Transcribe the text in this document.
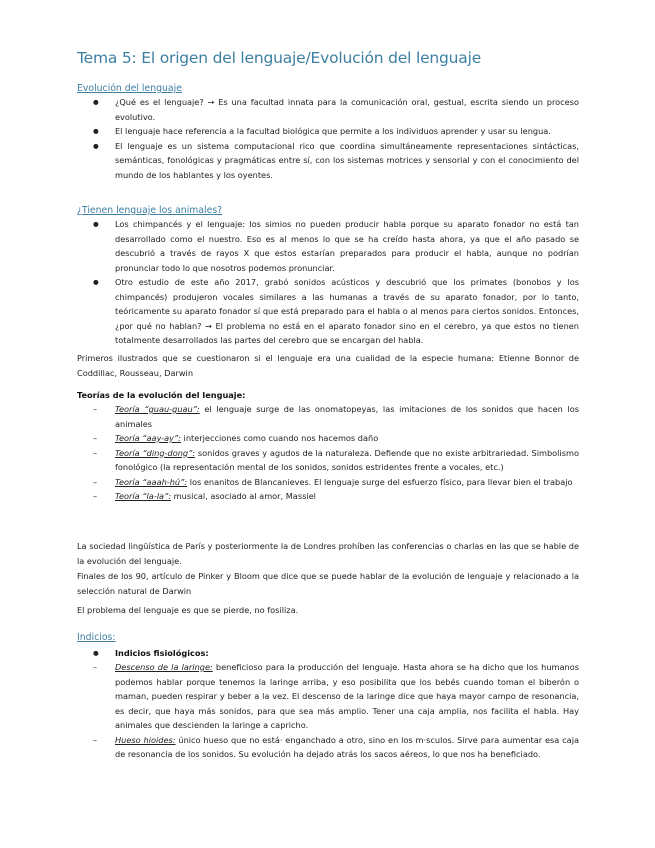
Tema 5: El origen del lenguaje/Evolución del lenguaje

Evolución del lenguaje

● ¿Qué es el lenguaje? → Es una facultad innata para la comunicación oral, gestual, escrita siendo un proceso evolutivo.
● El lenguaje hace referencia a la facultad biológica que permite a los individuos aprender y usar su lengua.
● El lenguaje es un sistema computacional rico que coordina simultáneamente representaciones sintácticas, semánticas, fonológicas y pragmáticas entre sí, con los sistemas motrices y sensorial y con el conocimiento del mundo de los hablantes y los oyentes.

¿Tienen lenguaje los animales?

● Los chimpancés y el lenguaje: los simios no pueden producir habla porque su aparato fonador no está tan desarrollado como el nuestro. Eso es al menos lo que se ha creído hasta ahora, ya que el año pasado se descubrió a través de rayos X que estos estarían preparados para producir el habla, aunque no podrían pronunciar todo lo que nosotros podemos pronunciar.
● Otro estudio de este año 2017, grabó sonidos acústicos y descubrió que los primates (bonobos y los chimpancés) produjeron vocales similares a las humanas a través de su aparato fonador, por lo tanto, teóricamente su aparato fonador sí que está preparado para el habla o al menos para ciertos sonidos. Entonces, ¿por qué no hablan? → El problema no está en el aparato fonador sino en el cerebro, ya que estos no tienen totalmente desarrollados las partes del cerebro que se encargan del habla.

Primeros ilustrados que se cuestionaron si el lenguaje era una cualidad de la especie humana: Etienne Bonnor de Coddillac, Rousseau, Darwin

Teorías de la evolución del lenguaje:

– Teoría “guau-guau”: el lenguaje surge de las onomatopeyas, las imitaciones de los sonidos que hacen los animales
– Teoría “aay-ay”: interjecciones como cuando nos hacemos daño
– Teoría “ding-dong”: sonidos graves y agudos de la naturaleza. Defiende que no existe arbitrariedad. Simbolismo fonológico (la representación mental de los sonidos, sonidos estridentes frente a vocales, etc.)
– Teoría “aaah-hú”: los enanitos de Blancanieves. El lenguaje surge del esfuerzo físico, para llevar bien el trabajo
– Teoría “la-la”: musical, asociado al amor, Massiel

La sociedad lingüística de París y posteriormente la de Londres prohíben las conferencias o charlas en las que se hable de la evolución del lenguaje.

Finales de los 90, artículo de Pinker y Bloom que dice que se puede hablar de la evolución de lenguaje y relacionado a la selección natural de Darwin

El problema del lenguaje es que se pierde, no fosiliza.

Indicios:

● Indicios fisiológicos:
– Descenso de la laringe: beneficioso para la producción del lenguaje. Hasta ahora se ha dicho que los humanos podemos hablar porque tenemos la laringe arriba, y eso posibilita que los bebés cuando toman el biberón o maman, pueden respirar y beber a la vez. El descenso de la laringe dice que haya mayor campo de resonancia, es decir, que haya más sonidos, para que sea más amplio. Tener una caja amplia, nos facilita el habla. Hay animales que descienden la laringe a capricho.
– Hueso hioides: único hueso que no está· enganchado a otro, sino en los m·sculos. Sirve para aumentar esa caja de resonancia de los sonidos. Su evolución ha dejado atrás los sacos aéreos, lo que nos ha beneficiado.
